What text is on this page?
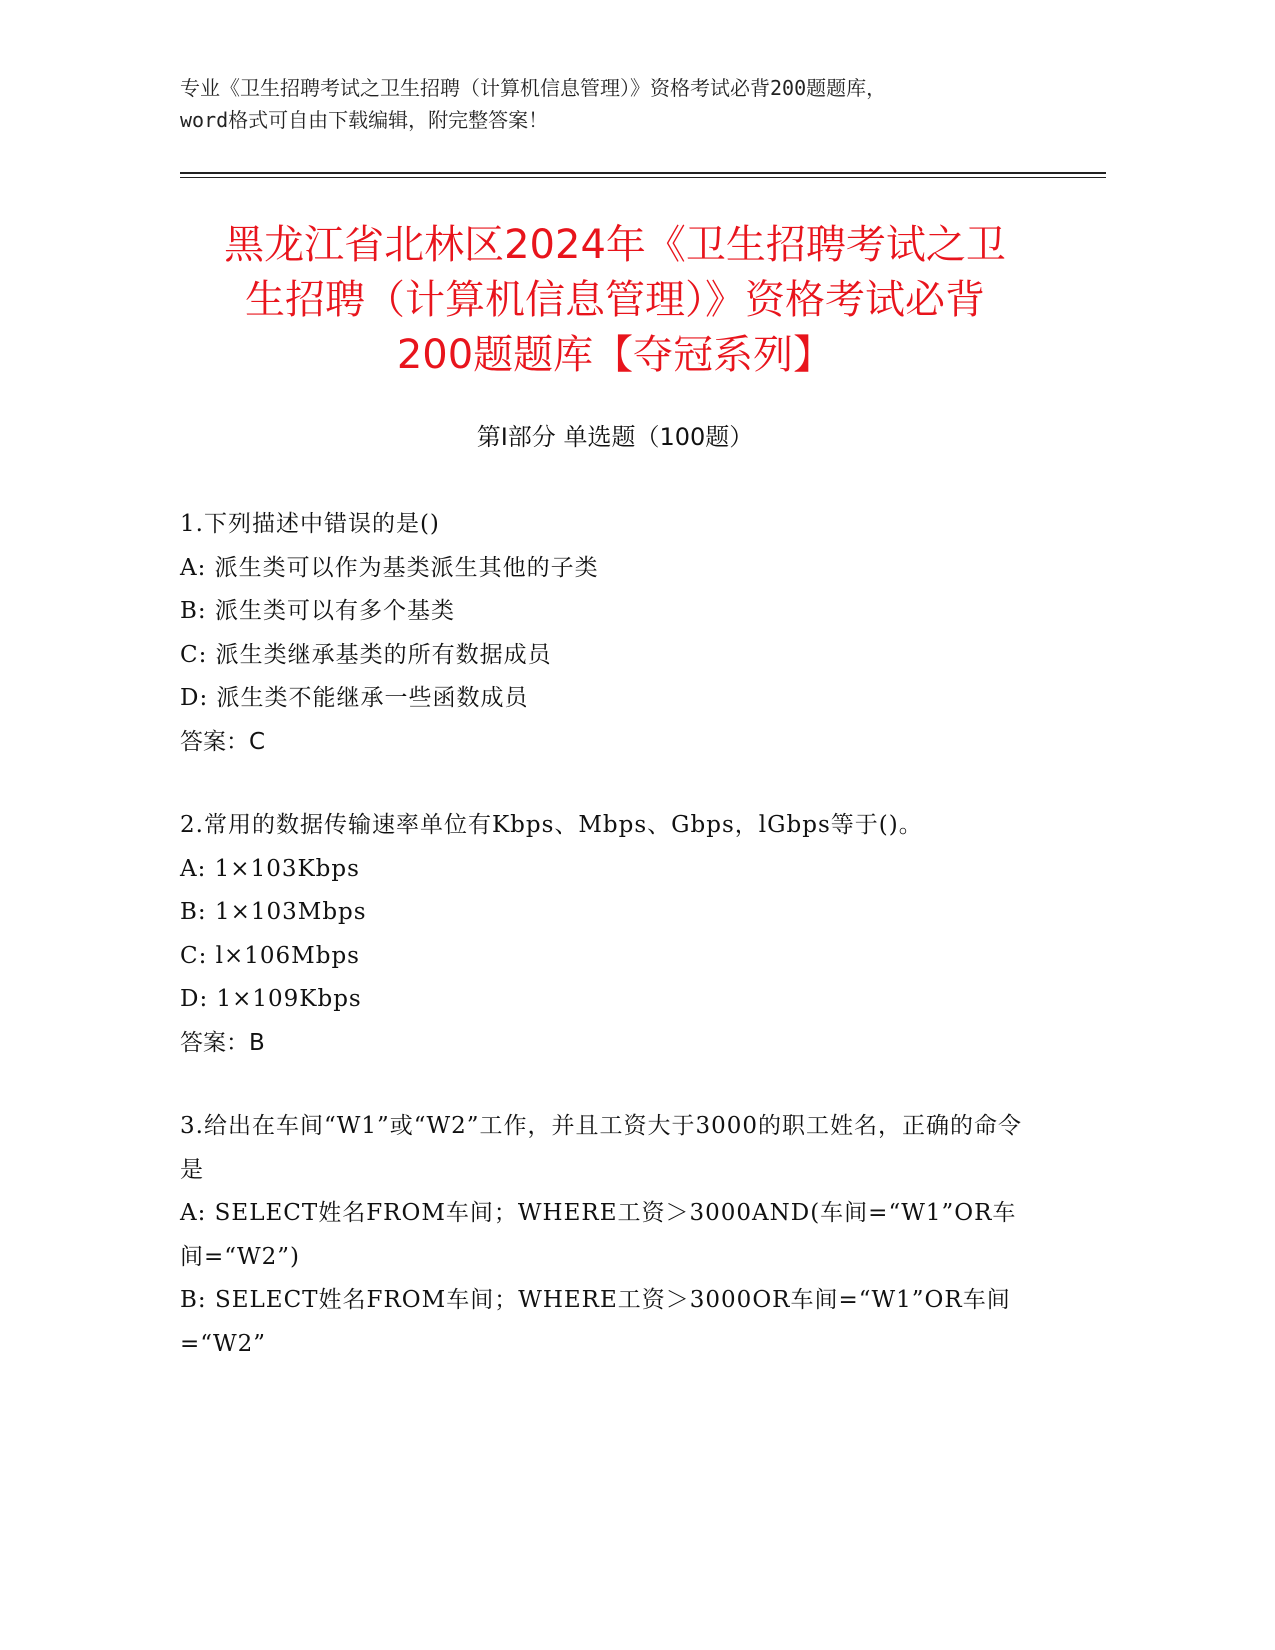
专业《卫生招聘考试之卫生招聘（计算机信息管理）》资格考试必背200题题库，
word格式可自由下载编辑，附完整答案！
黑龙江省北林区2024年《卫生招聘考试之卫
生招聘（计算机信息管理）》资格考试必背
200题题库【夺冠系列】
第Ⅰ部分 单选题（100题）
1.下列描述中错误的是()
A: 派生类可以作为基类派生其他的子类
B: 派生类可以有多个基类
C: 派生类继承基类的所有数据成员
D: 派生类不能继承一些函数成员
答案：C
2.常用的数据传输速率单位有Kbps、Mbps、Gbps，lGbps等于()。
A: 1×103Kbps
B: 1×103Mbps
C: l×106Mbps
D: 1×109Kbps
答案：B
3.给出在车间“W1”或“W2”工作，并且工资大于3000的职工姓名，正确的命令是
A: SELECT姓名FROM车间；WHERE工资＞3000AND(车间=“W1”OR车间=“W2”)
B: SELECT姓名FROM车间；WHERE工资＞3000OR车间=“W1”OR车间=“W2”
